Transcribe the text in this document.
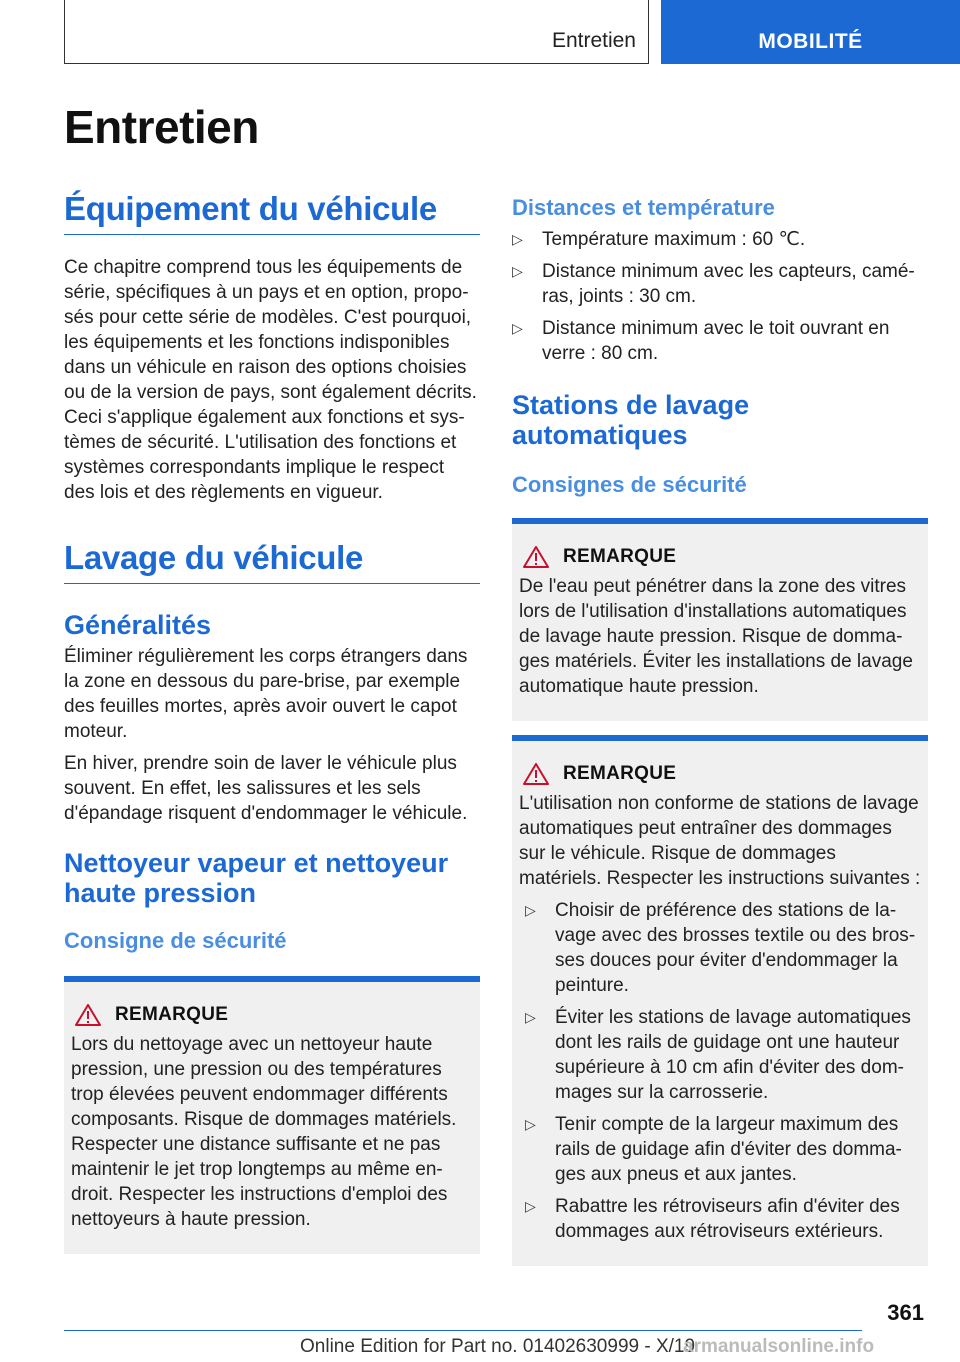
Entretien	MOBILITÉ
Entretien
Équipement du véhicule

Ce chapitre comprend tous les équipements de série, spécifiques à un pays et en option, proposés pour cette série de modèles. C'est pourquoi, les équipements et les fonctions indisponibles dans un véhicule en raison des options choisies ou de la version de pays, sont également décrits. Ceci s'applique également aux fonctions et systèmes de sécurité. L'utilisation des fonctions et systèmes correspondants implique le respect des lois et des règlements en vigueur.

Lavage du véhicule
Généralités

Éliminer régulièrement les corps étrangers dans la zone en dessous du pare-brise, par exemple des feuilles mortes, après avoir ouvert le capot moteur.

En hiver, prendre soin de laver le véhicule plus souvent. En effet, les salissures et les sels d'épandage risquent d'endommager le véhicule.

Nettoyeur vapeur et nettoyeur haute pression
Consigne de sécurité
REMARQUE

Lors du nettoyage avec un nettoyeur haute pression, une pression ou des températures trop élevées peuvent endommager différents composants. Risque de dommages matériels. Respecter une distance suffisante et ne pas maintenir le jet trop longtemps au même endroit. Respecter les instructions d'emploi des nettoyeurs à haute pression.

Distances et température
▷ Température maximum : 60 ℃.
▷ Distance minimum avec les capteurs, caméras, joints : 30 cm.
▷ Distance minimum avec le toit ouvrant en verre : 80 cm.
Stations de lavage automatiques
Consignes de sécurité
REMARQUE

De l'eau peut pénétrer dans la zone des vitres lors de l'utilisation d'installations automatiques de lavage haute pression. Risque de dommages matériels. Éviter les installations de lavage automatique haute pression.

REMARQUE

L'utilisation non conforme de stations de lavage automatiques peut entraîner des dommages sur le véhicule. Risque de dommages matériels. Respecter les instructions suivantes :

▷ Choisir de préférence des stations de lavage avec des brosses textile ou des brosses douces pour éviter d'endommager la peinture.
▷ Éviter les stations de lavage automatiques dont les rails de guidage ont une hauteur supérieure à 10 cm afin d'éviter des dommages sur la carrosserie.
▷ Tenir compte de la largeur maximum des rails de guidage afin d'éviter des dommages aux pneus et aux jantes.
▷ Rabattre les rétroviseurs afin d'éviter des dommages aux rétroviseurs extérieurs.
361
Online Edition for Part no. 01402630999 - X/19
armanualsonline.info
